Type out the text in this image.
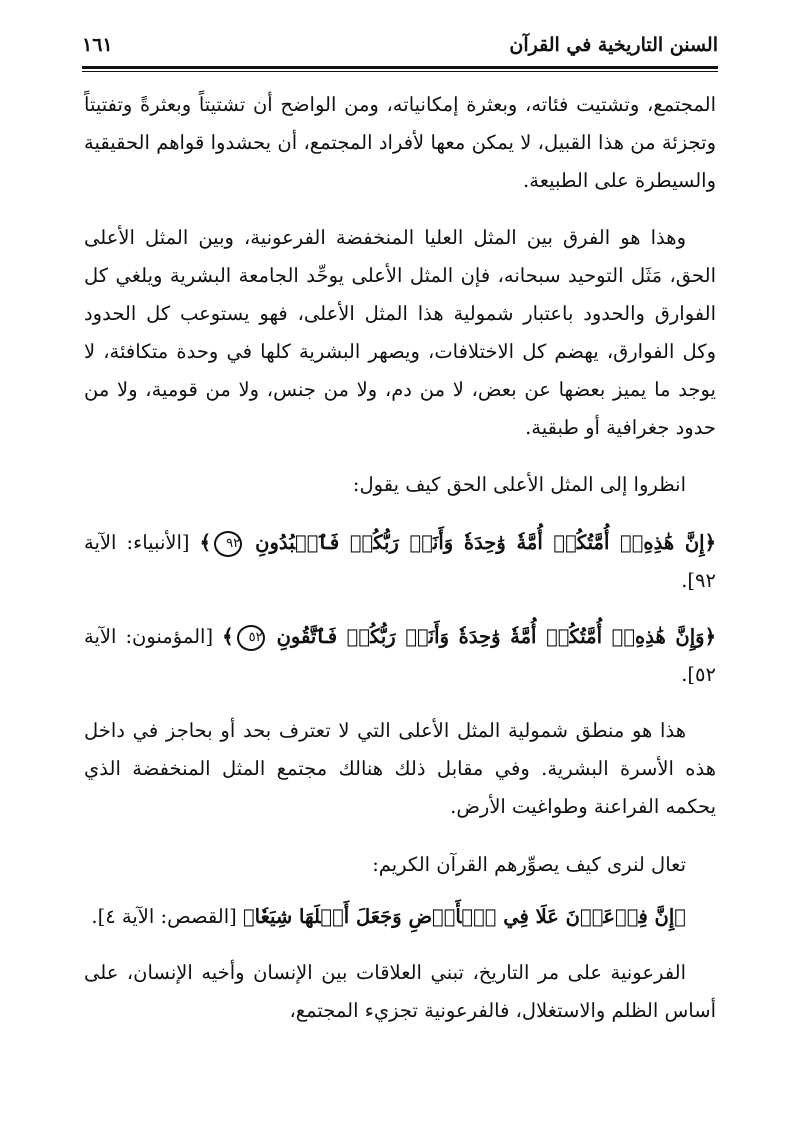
السنن التاريخية في القرآن
١٦١

المجتمع، وتشتيت فئاته، وبعثرة إمكانياته، ومن الواضح أن تشتيتاً وبعثرةً وتفتيتاً وتجزئة من هذا القبيل، لا يمكن معها لأفراد المجتمع، أن يحشدوا قواهم الحقيقية والسيطرة على الطبيعة.

وهذا هو الفرق بين المثل العليا المنخفضة الفرعونية، وبين المثل الأعلى الحق، مَثَل التوحيد سبحانه، فإن المثل الأعلى يوحِّد الجامعة البشرية ويلغي كل الفوارق والحدود باعتبار شمولية هذا المثل الأعلى، فهو يستوعب كل الحدود وكل الفوارق، يهضم كل الاختلافات، ويصهر البشرية كلها في وحدة متكافئة، لا يوجد ما يميز بعضها عن بعض، لا من دم، ولا من جنس، ولا من قومية، ولا من حدود جغرافية أو طبقية.

انظروا إلى المثل الأعلى الحق كيف يقول:

﴿إِنَّ هَٰذِهِۦٓ أُمَّتُكُمۡ أُمَّةٗ وَٰحِدَةٗ وَأَنَا۠ رَبُّكُمۡ فَٱعۡبُدُونِ ٩٢﴾ [الأنبياء: الآية ٩٢].

﴿وَإِنَّ هَٰذِهِۦٓ أُمَّتُكُمۡ أُمَّةٗ وَٰحِدَةٗ وَأَنَا۠ رَبُّكُمۡ فَٱتَّقُونِ ٥٢﴾ [المؤمنون: الآية ٥٢].

هذا هو منطق شمولية المثل الأعلى التي لا تعترف بحد أو بحاجز في داخل هذه الأسرة البشرية. وفي مقابل ذلك هنالك مجتمع المثل المنخفضة الذي يحكمه الفراعنة وطواغيت الأرض.

تعال لنرى كيف يصوِّرهم القرآن الكريم:

﴿إِنَّ فِرۡعَوۡنَ عَلَا فِي ٱلۡأَرۡضِ وَجَعَلَ أَهۡلَهَا شِيَعٗا﴾ [القصص: الآية ٤].

الفرعونية على مر التاريخ، تبني العلاقات بين الإنسان وأخيه الإنسان، على أساس الظلم والاستغلال، فالفرعونية تجزيء المجتمع،
